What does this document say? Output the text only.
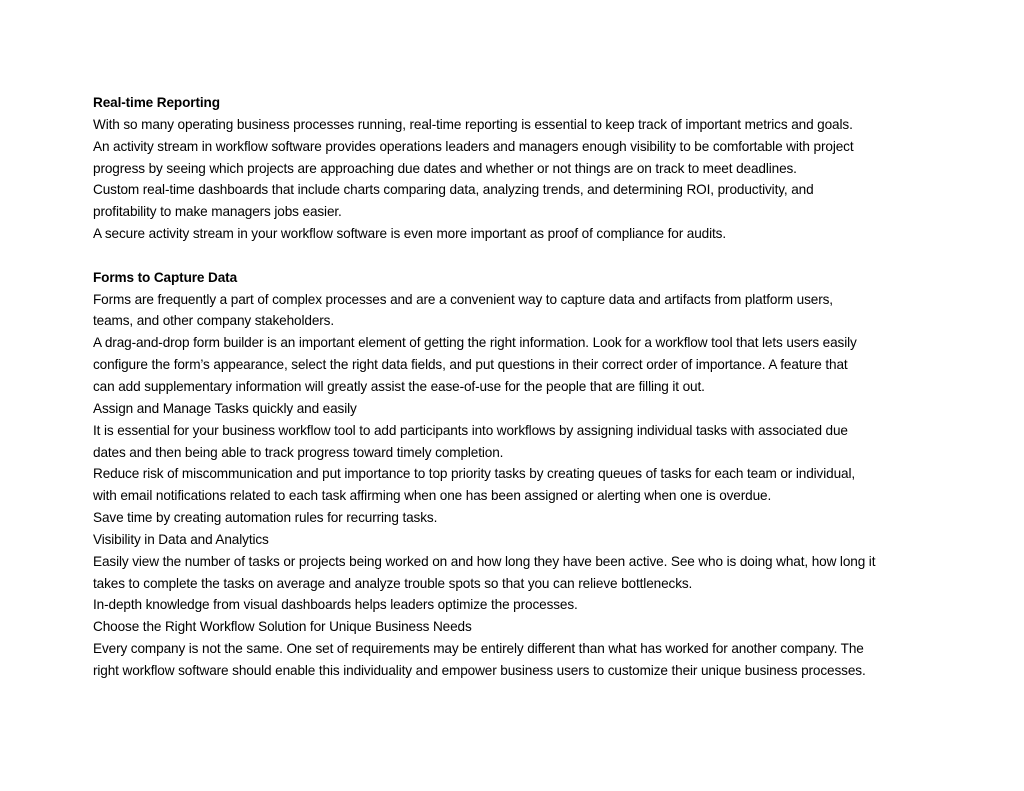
Real-time Reporting
With so many operating business processes running, real-time reporting is essential to keep track of important metrics and goals.
An activity stream in workflow software provides operations leaders and managers enough visibility to be comfortable with project
progress by seeing which projects are approaching due dates and whether or not things are on track to meet deadlines.
Custom real-time dashboards that include charts comparing data, analyzing trends, and determining ROI, productivity, and
profitability to make managers jobs easier.
A secure activity stream in your workflow software is even more important as proof of compliance for audits.
Forms to Capture Data
Forms are frequently a part of complex processes and are a convenient way to capture data and artifacts from platform users,
teams, and other company stakeholders.
A drag-and-drop form builder is an important element of getting the right information. Look for a workflow tool that lets users easily
configure the form’s appearance, select the right data fields, and put questions in their correct order of importance. A feature that
can add supplementary information will greatly assist the ease-of-use for the people that are filling it out.
Assign and Manage Tasks quickly and easily
It is essential for your business workflow tool to add participants into workflows by assigning individual tasks with associated due
dates and then being able to track progress toward timely completion.
Reduce risk of miscommunication and put importance to top priority tasks by creating queues of tasks for each team or individual,
with email notifications related to each task affirming when one has been assigned or alerting when one is overdue.
Save time by creating automation rules for recurring tasks.
Visibility in Data and Analytics
Easily view the number of tasks or projects being worked on and how long they have been active. See who is doing what, how long it
takes to complete the tasks on average and analyze trouble spots so that you can relieve bottlenecks.
In-depth knowledge from visual dashboards helps leaders optimize the processes.
Choose the Right Workflow Solution for Unique Business Needs
Every company is not the same. One set of requirements may be entirely different than what has worked for another company. The
right workflow software should enable this individuality and empower business users to customize their unique business processes.
